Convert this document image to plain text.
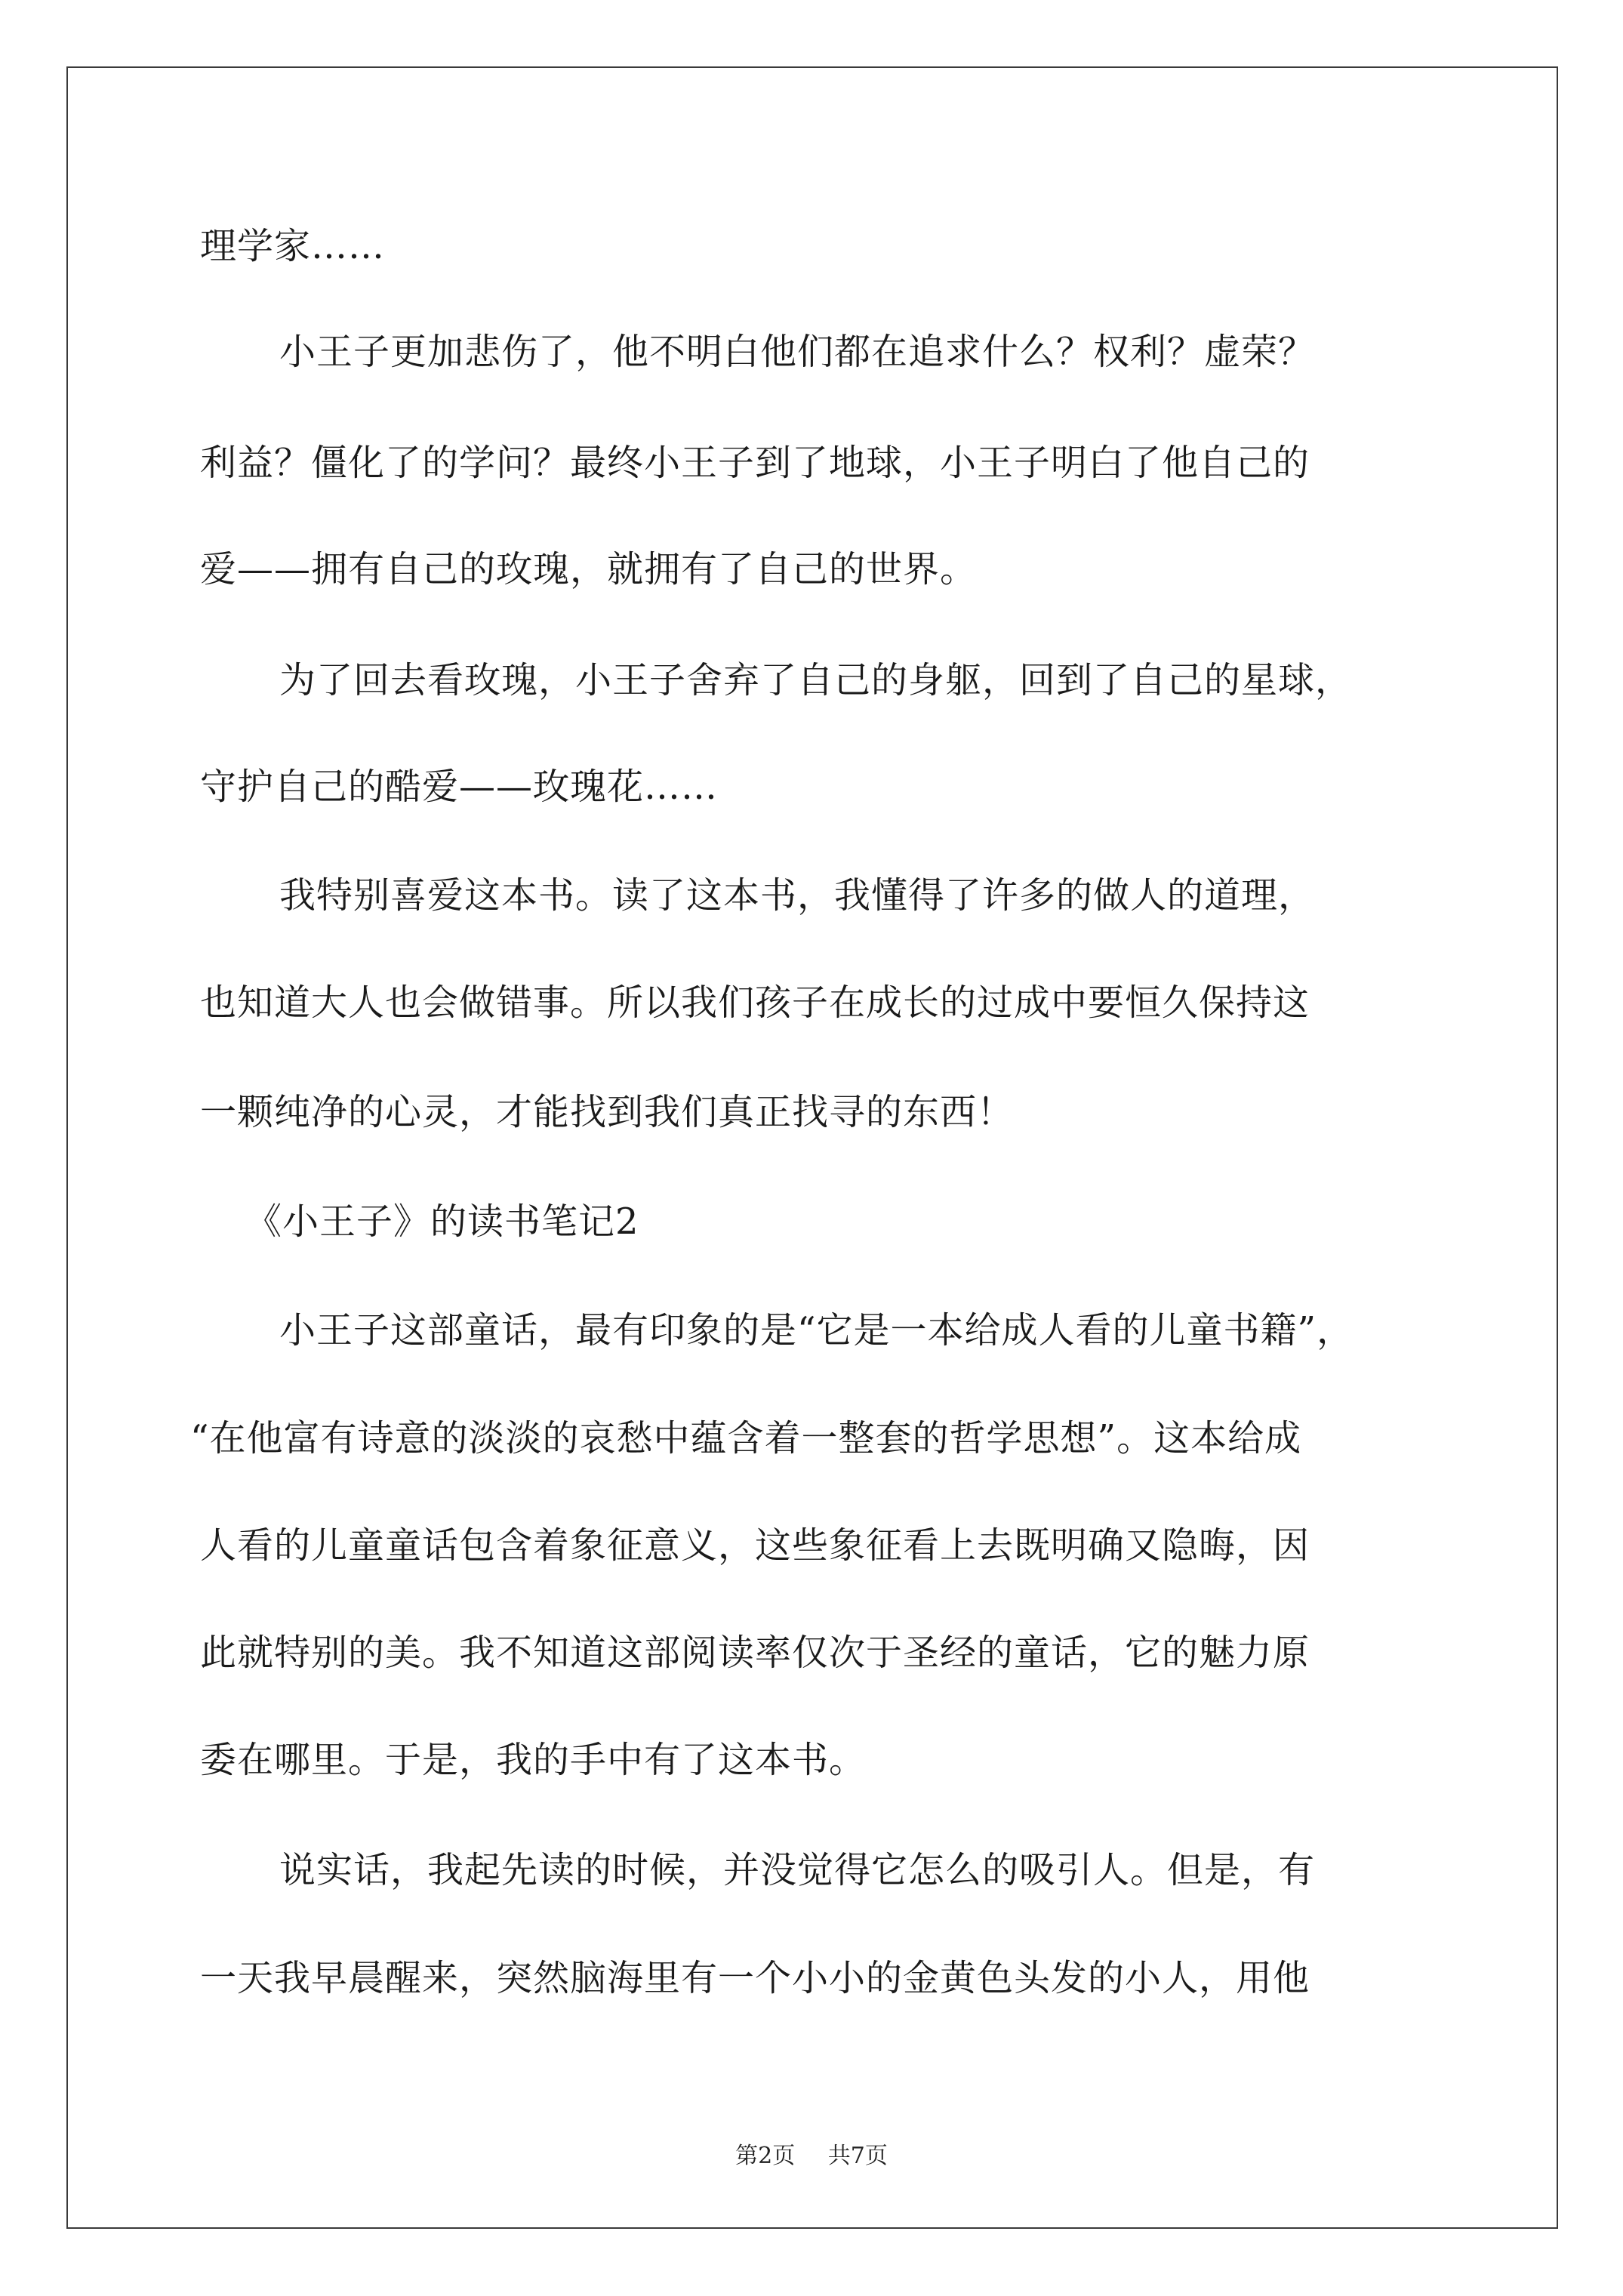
理学家……
小王子更加悲伤了，他不明白他们都在追求什么？权利？虚荣？
利益？僵化了的学问？最终小王子到了地球，小王子明白了他自己的
爱——拥有自己的玫瑰，就拥有了自己的世界。
为了回去看玫瑰，小王子舍弃了自己的身躯，回到了自己的星球，
守护自己的酷爱——玫瑰花……
我特别喜爱这本书。读了这本书，我懂得了许多的做人的道理，
也知道大人也会做错事。所以我们孩子在成长的过成中要恒久保持这
一颗纯净的心灵，才能找到我们真正找寻的东西！
《小王子》的读书笔记2
小王子这部童话，最有印象的是“它是一本给成人看的儿童书籍”，
“在他富有诗意的淡淡的哀愁中蕴含着一整套的哲学思想”。这本给成
人看的儿童童话包含着象征意义，这些象征看上去既明确又隐晦，因
此就特别的美。我不知道这部阅读率仅次于圣经的童话，它的魅力原
委在哪里。于是，我的手中有了这本书。
说实话，我起先读的时候，并没觉得它怎么的吸引人。但是，有
一天我早晨醒来，突然脑海里有一个小小的金黄色头发的小人，用他
第2页 共7页
